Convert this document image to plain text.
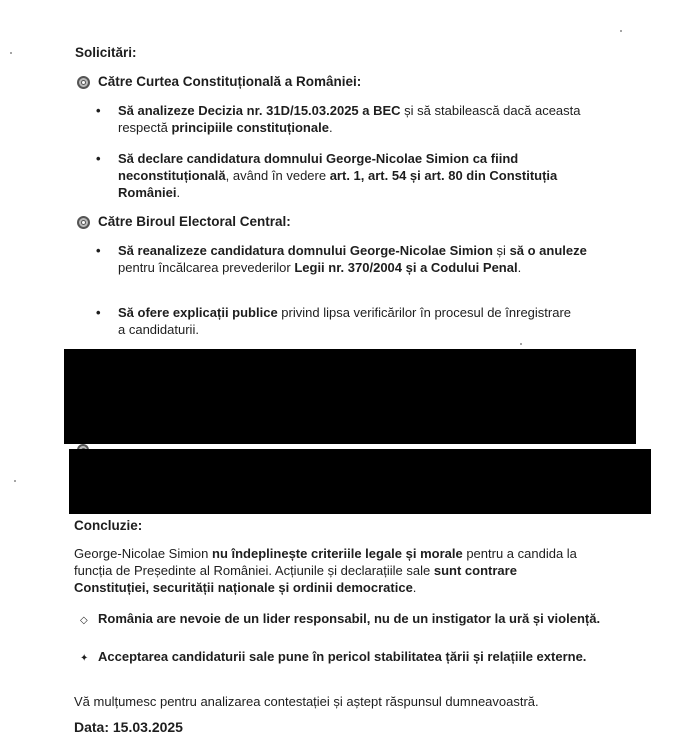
Solicitări:
Către Curtea Constituțională a României:
•	Să analizeze Decizia nr. 31D/15.03.2025 a BEC și să stabilească dacă aceasta respectă principiile constituționale.
•	Să declare candidatura domnului George-Nicolae Simion ca fiind neconstituțională, având în vedere art. 1, art. 54 și art. 80 din Constituția României.
Către Biroul Electoral Central:
•	Să reanalizeze candidatura domnului George-Nicolae Simion și să o anuleze pentru încălcarea prevederilor Legii nr. 370/2004 și a Codului Penal.
•	Să ofere explicații publice privind lipsa verificărilor în procesul de înregistrare a candidaturii.
Concluzie:
George-Nicolae Simion nu îndeplinește criteriile legale și morale pentru a candida la funcția de Președinte al României. Acțiunile și declarațiile sale sunt contrare Constituției, securității naționale și ordinii democratice.
◇ România are nevoie de un lider responsabil, nu de un instigator la ură și violență.
✦ Acceptarea candidaturii sale pune în pericol stabilitatea țării și relațiile externe.
Vă mulțumesc pentru analizarea contestației și aștept răspunsul dumneavoastră.
Data: 15.03.2025
